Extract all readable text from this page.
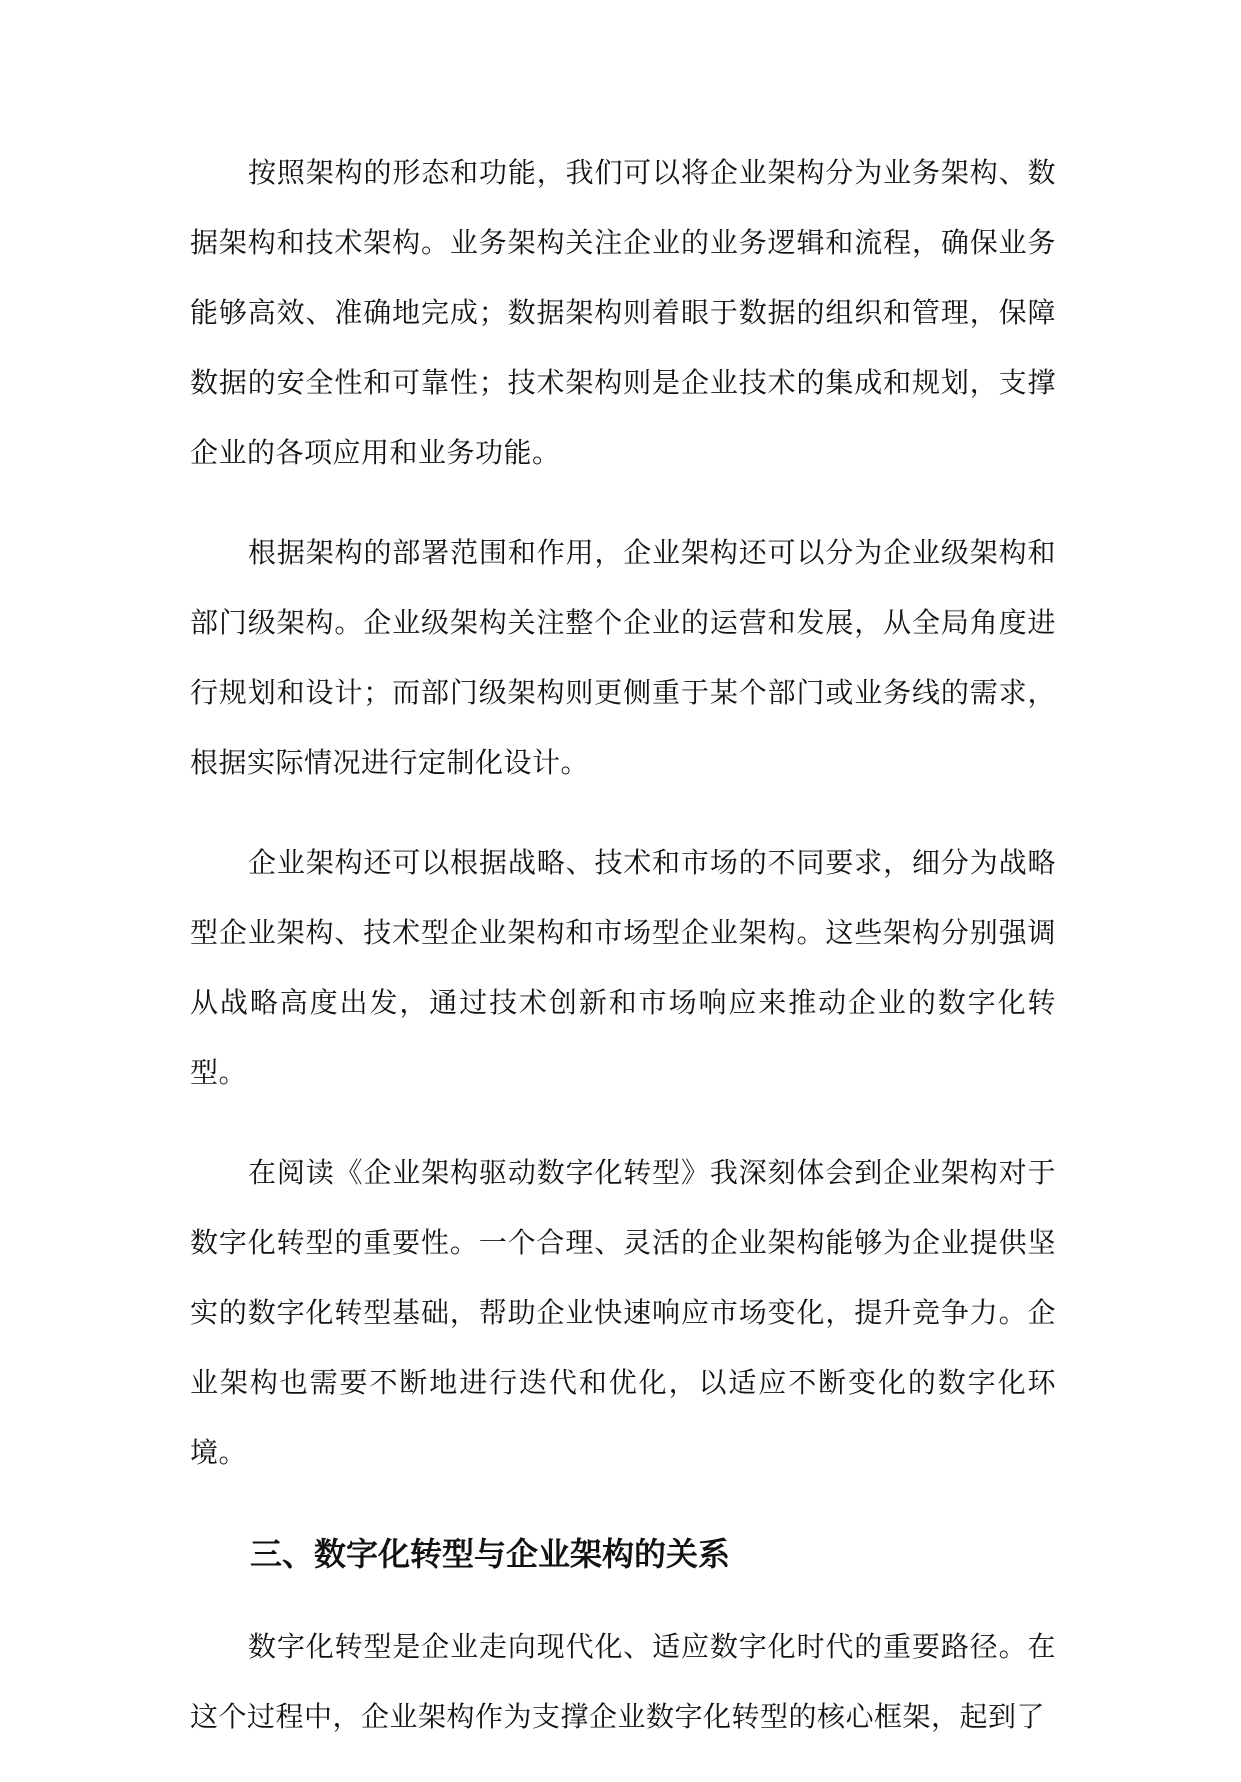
按照架构的形态和功能，我们可以将企业架构分为业务架构、数据架构和技术架构。业务架构关注企业的业务逻辑和流程，确保业务能够高效、准确地完成；数据架构则着眼于数据的组织和管理，保障数据的安全性和可靠性；技术架构则是企业技术的集成和规划，支撑企业的各项应用和业务功能。

根据架构的部署范围和作用，企业架构还可以分为企业级架构和部门级架构。企业级架构关注整个企业的运营和发展，从全局角度进行规划和设计；而部门级架构则更侧重于某个部门或业务线的需求，根据实际情况进行定制化设计。

企业架构还可以根据战略、技术和市场的不同要求，细分为战略型企业架构、技术型企业架构和市场型企业架构。这些架构分别强调从战略高度出发，通过技术创新和市场响应来推动企业的数字化转型。

在阅读《企业架构驱动数字化转型》我深刻体会到企业架构对于数字化转型的重要性。一个合理、灵活的企业架构能够为企业提供坚实的数字化转型基础，帮助企业快速响应市场变化，提升竞争力。企业架构也需要不断地进行迭代和优化，以适应不断变化的数字化环境。

三、数字化转型与企业架构的关系

数字化转型是企业走向现代化、适应数字化时代的重要路径。在这个过程中，企业架构作为支撑企业数字化转型的核心框架，起到了
